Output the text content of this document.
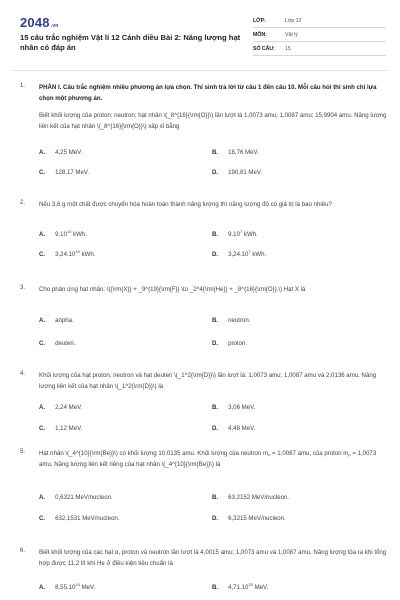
2048.vn
15 câu trắc nghiệm Vật lí 12 Cánh diều Bài 2: Năng lượng hạt nhân có đáp án
LỚP:	Lớp 12
MÔN:	Vật lý
SỐ CÂU:	15
1. PHẦN I. Câu trắc nghiệm nhiều phương án lựa chọn. Thí sinh trả lời từ câu 1 đến câu 10. Mỗi câu hỏi thí sinh chỉ lựa chọn một phương án.
Biết khối lượng của proton; neutron; hạt nhân \(_8^{16}{\rm{O}}\) lần lượt là 1,0073 amu; 1,0087 amu; 15,9904 amu. Năng lượng liên kết của hạt nhân \(_8^{16}{\rm{O}}\) xấp xỉ bằng
A. 4,25 MeV.	B. 18,76 MeV.
C. 128,17 MeV.	D. 190,81 MeV.
2. Nếu 3,6 g một chất được chuyển hóa hoàn toàn thành năng lượng thì năng lượng đó có giá trị là bao nhiêu?
A. 9.10$^{10}$ kWh.	B. 9.10$^7$ kWh.
C. 3,24.10$^{10}$ kWh.	D. 3,24.10$^7$ kWh.
3. Cho phản ứng hạt nhân: \({\rm{X}} + _9^{19}{\rm{F}} \to _2^4{\rm{He}} + _8^{16}{\rm{O}}.\) Hạt X là
A. anpha.	B. neutron.
C. deuteri.	D. proton.
4. Khối lượng của hạt proton, neutron và hạt deuteri \(_1^2{\rm{D}}\) lần lượt là: 1,0073 amu; 1,0087 amu và 2,0136 amu. Năng lượng liên kết của hạt nhân \(_1^2{\rm{D}}\) là
A. 2,24 MeV.	B. 3,06 MeV.
C. 1,12 MeV.	D. 4,48 MeV.
5. Hạt nhân \(_4^{10}{\rm{Be}}\) có khối lượng 10,0135 amu. Khối lượng của neutron $m_n = 1,0087$ amu, của proton $m_p = 1,0073$ amu. Năng lượng liên kết riêng của hạt nhân \(_4^{10}{\rm{Be}}\) là
A. 0,6321 MeV/nucleon.	B. 63,2152 MeV/nucleon.
C. 632,1531 MeV/nucleon.	D. 6,3215 MeV/nucleon.
6. Biết khối lượng của các hạt α, proton và neutron lần lượt là 4,0015 amu; 1,0073 amu và 1,0087 amu. Năng lượng tỏa ra khi tổng hợp được 11,2 lít khí He ở điều kiện tiêu chuẩn là
A. 8,55.10$^{24}$ MeV.	B. 4,71.10$^{25}$ MeV.
